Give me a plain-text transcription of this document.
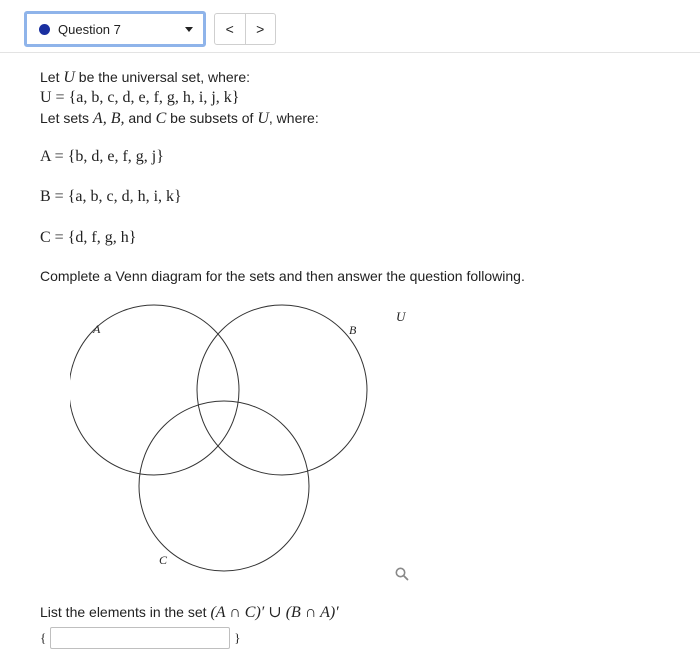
Question 7	<	>
Let U be the universal set, where:
U = {a, b, c, d, e, f, g, h, i, j, k}
Let sets A, B, and C be subsets of U, where:
A = {b, d, e, f, g, j}
B = {a, b, c, d, h, i, k}
C = {d, f, g, h}
Complete a Venn diagram for the sets and then answer the question following.
A	B
C
U
List the elements in the set (A ∩ C)′ ∪ (B ∩ A)′
{	}
